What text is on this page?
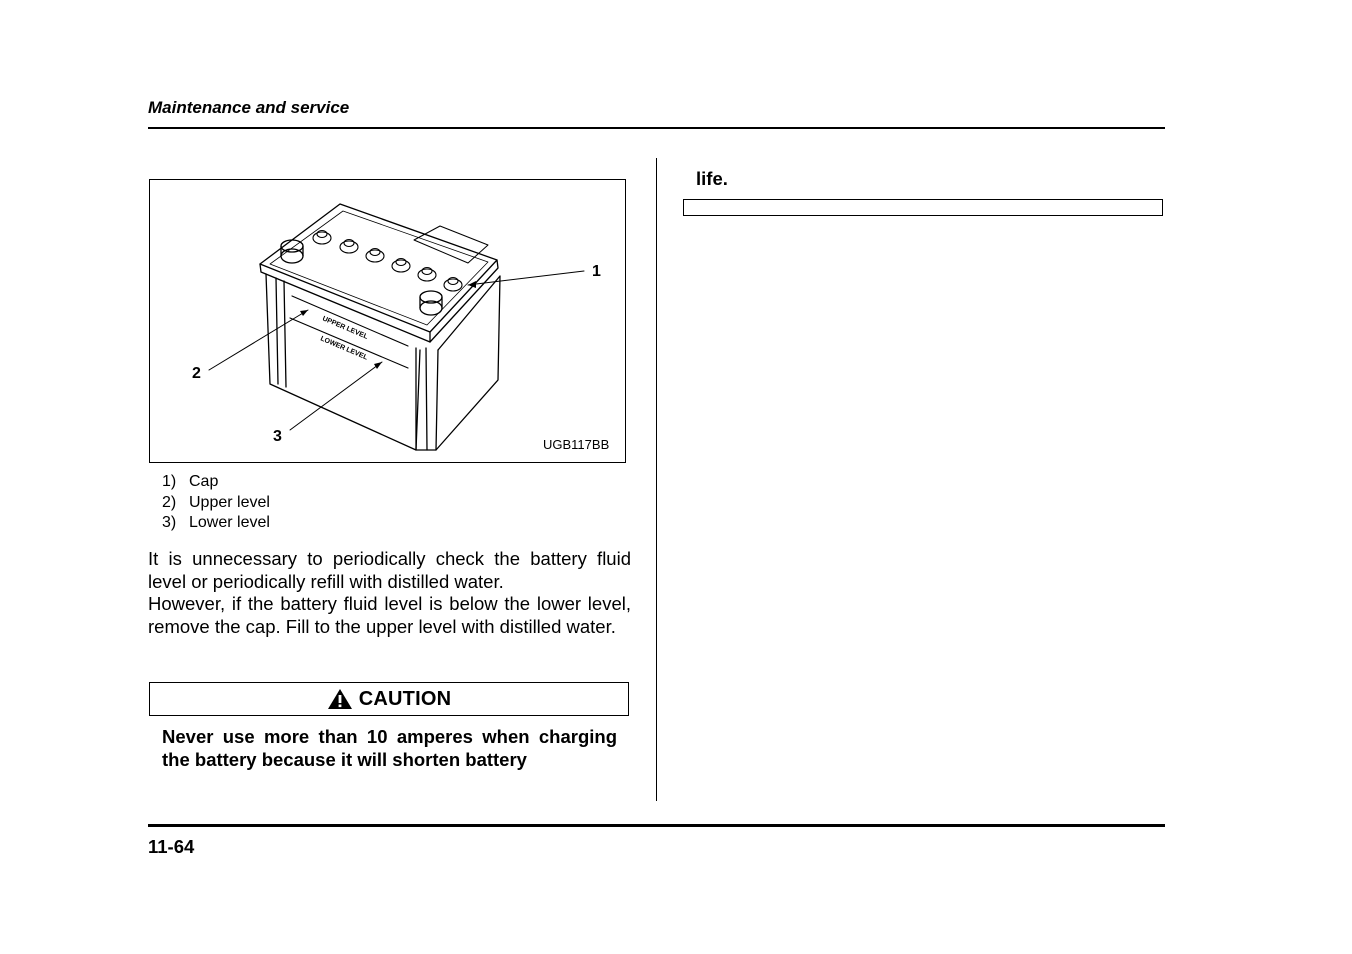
Maintenance and service
UPPER LEVEL
LOWER LEVEL
1
2
3	UGB117BB
1) Cap
2) Upper level
3) Lower level

It is unnecessary to periodically check the battery fluid level or periodically refill with distilled water.

However, if the battery fluid level is below the lower level, remove the cap. Fill to the upper level with distilled water.

CAUTION

Never use more than 10 amperes when charging the battery because it will shorten battery

life.
11-64
